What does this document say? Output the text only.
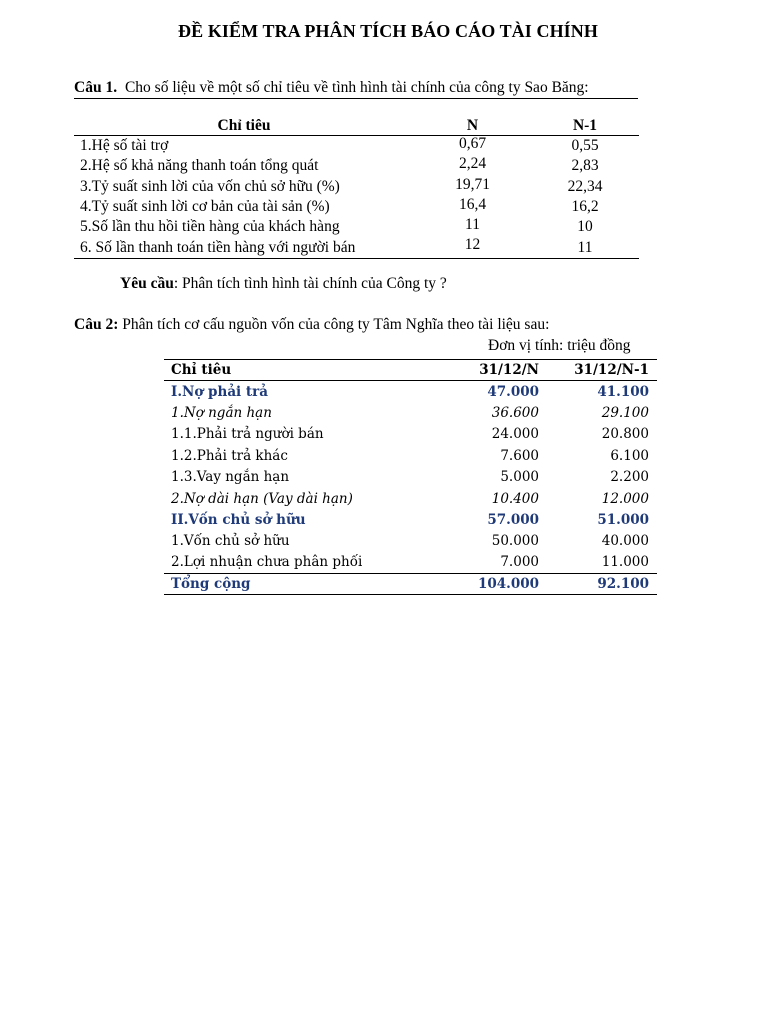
ĐỀ KIỂM TRA PHÂN TÍCH BÁO CÁO TÀI CHÍNH
Câu 1. Cho số liệu về một số chỉ tiêu về tình hình tài chính của công ty Sao Băng:
Chỉ tiêu	N	N-1
1.Hệ số tài trợ	0,67	0,55
2.Hệ số khả năng thanh toán tổng quát	2,24	2,83
3.Tỷ suất sinh lời của vốn chủ sở hữu (%)	19,71	22,34
4.Tỷ suất sinh lời cơ bản của tài sản (%)	16,4	16,2
5.Số lần thu hồi tiền hàng của khách hàng	11	10
6. Số lần thanh toán tiền hàng với người bán	12	11
Yêu cầu: Phân tích tình hình tài chính của Công ty ?
Câu 2: Phân tích cơ cấu nguồn vốn của công ty Tâm Nghĩa theo tài liệu sau:
Đơn vị tính: triệu đồng
Chỉ tiêu	31/12/N	31/12/N-1
I.Nợ phải trả	47.000	41.100
1.Nợ ngắn hạn	36.600	29.100
1.1.Phải trả người bán	24.000	20.800
1.2.Phải trả khác	7.600	6.100
1.3.Vay ngắn hạn	5.000	2.200
2.Nợ dài hạn (Vay dài hạn)	10.400	12.000
II.Vốn chủ sở hữu	57.000	51.000
1.Vốn chủ sở hữu	50.000	40.000
2.Lợi nhuận chưa phân phối	7.000	11.000
Tổng cộng	104.000	92.100
